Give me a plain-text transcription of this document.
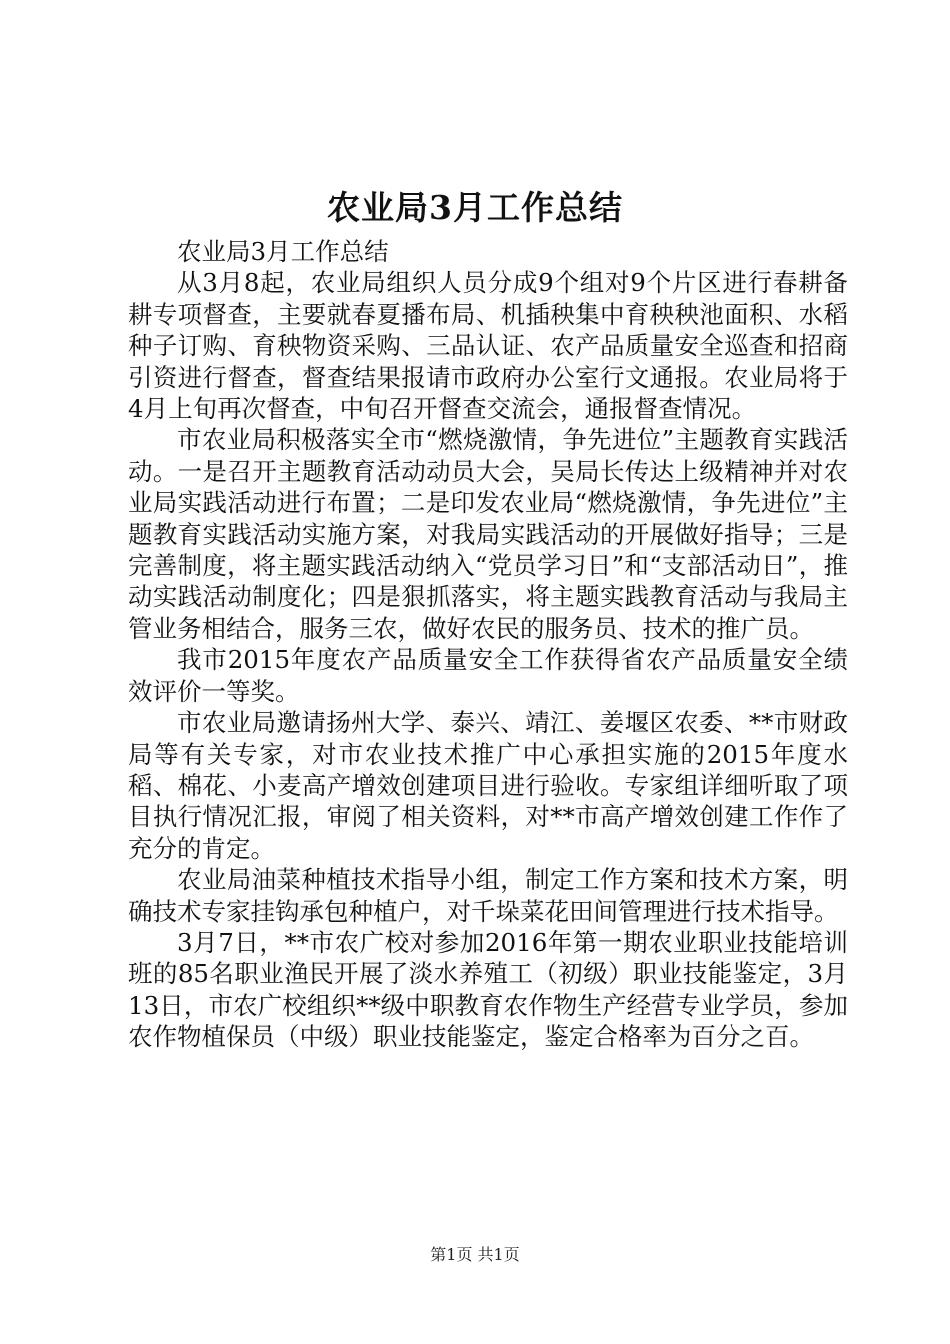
农业局3月工作总结

农业局3月工作总结

从3月8起，农业局组织人员分成9个组对9个片区进行春耕备耕专项督查，主要就春夏播布局、机插秧集中育秧秧池面积、水稻种子订购、育秧物资采购、三品认证、农产品质量安全巡查和招商引资进行督查，督查结果报请市政府办公室行文通报。农业局将于4月上旬再次督查，中旬召开督查交流会，通报督查情况。

市农业局积极落实全市“燃烧激情，争先进位”主题教育实践活动。一是召开主题教育活动动员大会，吴局长传达上级精神并对农业局实践活动进行布置；二是印发农业局“燃烧激情，争先进位”主题教育实践活动实施方案，对我局实践活动的开展做好指导；三是完善制度，将主题实践活动纳入“党员学习日”和“支部活动日”，推动实践活动制度化；四是狠抓落实，将主题实践教育活动与我局主管业务相结合，服务三农，做好农民的服务员、技术的推广员。

我市2015年度农产品质量安全工作获得省农产品质量安全绩效评价一等奖。

市农业局邀请扬州大学、泰兴、靖江、姜堰区农委、**市财政局等有关专家，对市农业技术推广中心承担实施的2015年度水稻、棉花、小麦高产增效创建项目进行验收。专家组详细听取了项目执行情况汇报，审阅了相关资料，对**市高产增效创建工作作了充分的肯定。

农业局油菜种植技术指导小组，制定工作方案和技术方案，明确技术专家挂钩承包种植户，对千垛菜花田间管理进行技术指导。

3月7日，**市农广校对参加2016年第一期农业职业技能培训班的85名职业渔民开展了淡水养殖工（初级）职业技能鉴定，3月13日，市农广校组织**级中职教育农作物生产经营专业学员，参加农作物植保员（中级）职业技能鉴定，鉴定合格率为百分之百。

第1页 共1页
